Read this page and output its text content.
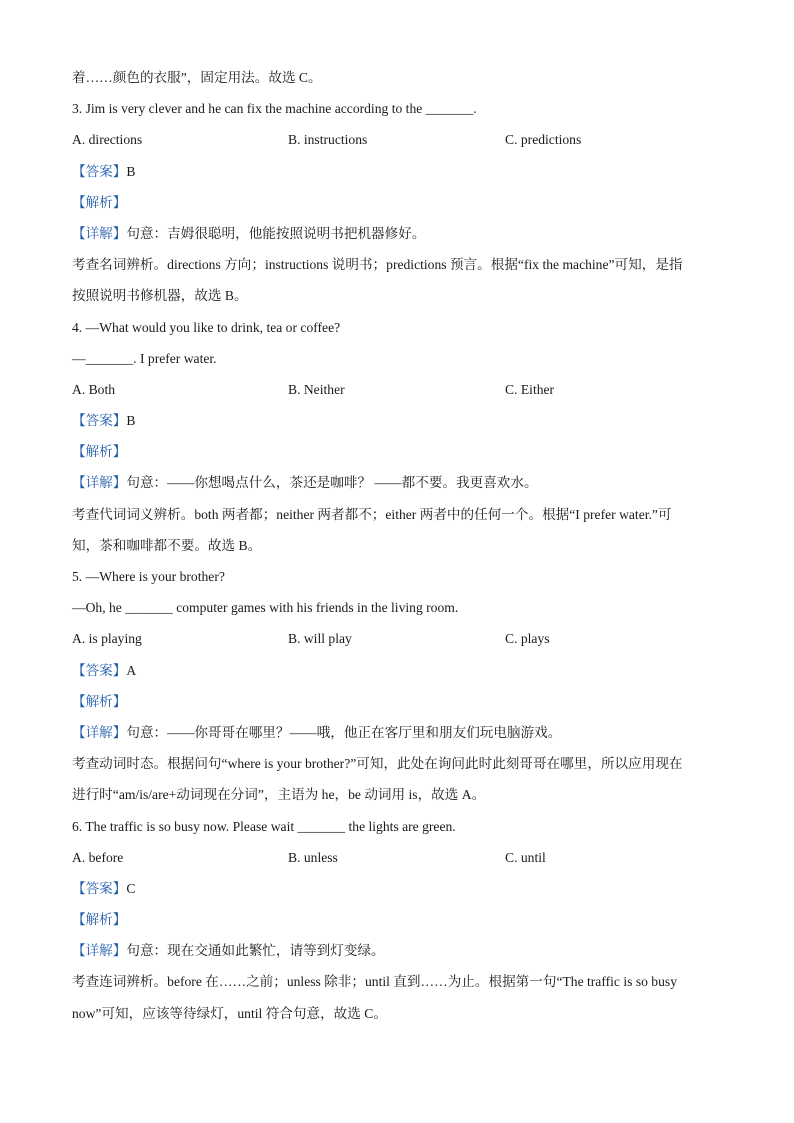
着……颜色的衣服”，固定用法。故选 C。
3. Jim is very clever and he can fix the machine according to the _______.
A. directions	B. instructions	C. predictions
【答案】B
【解析】
【详解】句意：吉姆很聪明，他能按照说明书把机器修好。
考查名词辨析。directions 方向；instructions 说明书；predictions 预言。根据“fix the machine”可知，是指
按照说明书修机器，故选 B。
4. —What would you like to drink, tea or coffee?
—_______. I prefer water.
A. Both	B. Neither	C. Either
【答案】B
【解析】
【详解】句意：——你想喝点什么，茶还是咖啡？ ——都不要。我更喜欢水。
考查代词词义辨析。both 两者都；neither 两者都不；either 两者中的任何一个。根据“I prefer water.”可
知，茶和咖啡都不要。故选 B。
5. —Where is your brother?
—Oh, he _______ computer games with his friends in the living room.
A. is playing	B. will play	C. plays
【答案】A
【解析】
【详解】句意：——你哥哥在哪里？——哦，他正在客厅里和朋友们玩电脑游戏。
考查动词时态。根据问句“where is your brother?”可知，此处在询问此时此刻哥哥在哪里，所以应用现在
进行时“am/is/are+动词现在分词”，主语为 he，be 动词用 is，故选 A。
6. The traffic is so busy now. Please wait _______ the lights are green.
A. before	B. unless	C. until
【答案】C
【解析】
【详解】句意：现在交通如此繁忙，请等到灯变绿。
考查连词辨析。before 在……之前；unless 除非；until 直到……为止。根据第一句“The traffic is so busy
now”可知，应该等待绿灯，until 符合句意，故选 C。
